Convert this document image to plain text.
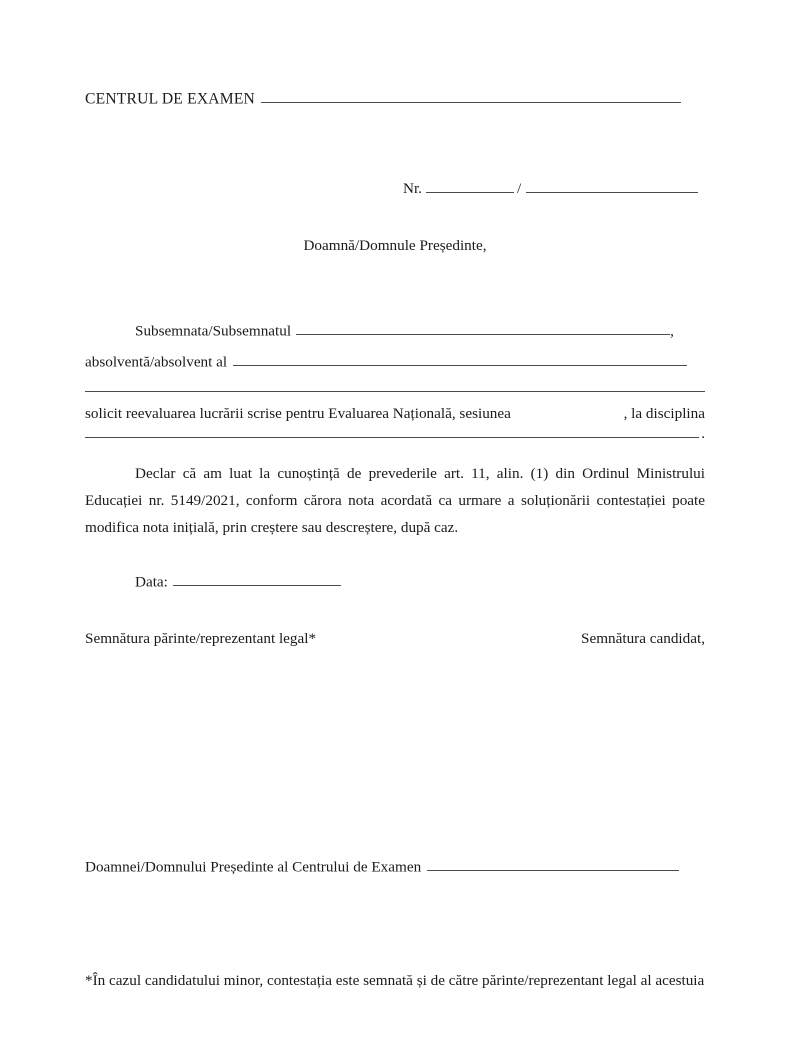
CENTRUL DE EXAMEN
Nr.	/
Doamnă/Domnule Președinte,
Subsemnata/Subsemnatul	,
absolventă/absolvent al
solicit reevaluarea lucrării scrise pentru Evaluarea Națională, sesiunea	, la disciplina
.
Declar că am luat la cunoștință de prevederile art. 11, alin. (1) din Ordinul Ministrului Educației nr. 5149/2021, conform cărora nota acordată ca urmare a soluționării contestației poate modifica nota inițială, prin creștere sau descreștere, după caz.
Data:
Semnătura părinte/reprezentant legal*	Semnătura candidat,
Doamnei/Domnului Președinte al Centrului de Examen
*În cazul candidatului minor, contestația este semnată și de către părinte/reprezentant legal al acestuia
